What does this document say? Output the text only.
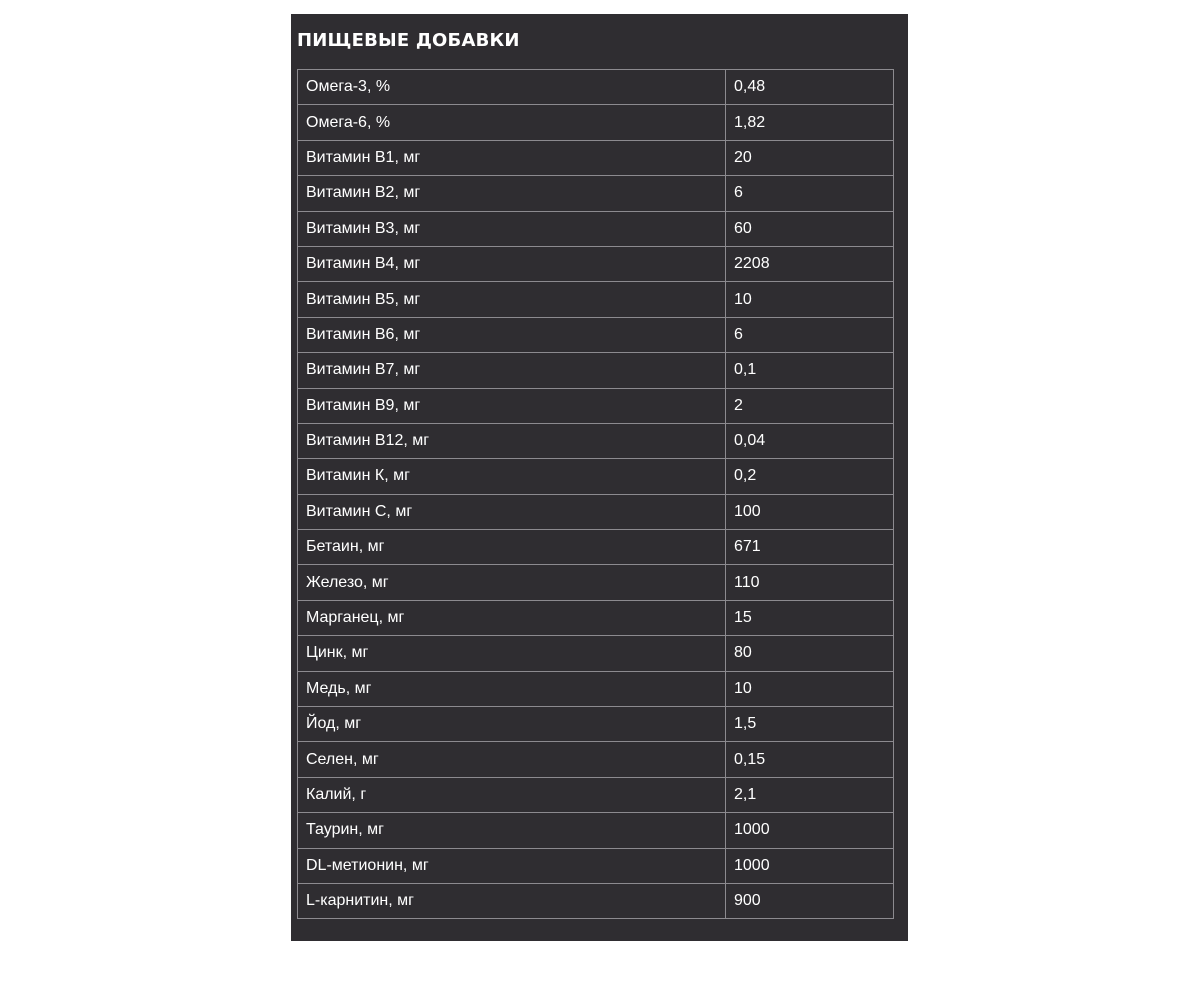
ПИЩЕВЫЕ ДОБАВКИ
Омега-3, %	0,48
Омега-6, %	1,82
Витамин В1, мг	20
Витамин В2, мг	6
Витамин В3, мг	60
Витамин В4, мг	2208
Витамин В5, мг	10
Витамин В6, мг	6
Витамин В7, мг	0,1
Витамин В9, мг	2
Витамин В12, мг	0,04
Витамин К, мг	0,2
Витамин С, мг	100
Бетаин, мг	671
Железо, мг	110
Марганец, мг	15
Цинк, мг	80
Медь, мг	10
Йод, мг	1,5
Селен, мг	0,15
Калий, г	2,1
Таурин, мг	1000
DL-метионин, мг	1000
L-карнитин, мг	900
